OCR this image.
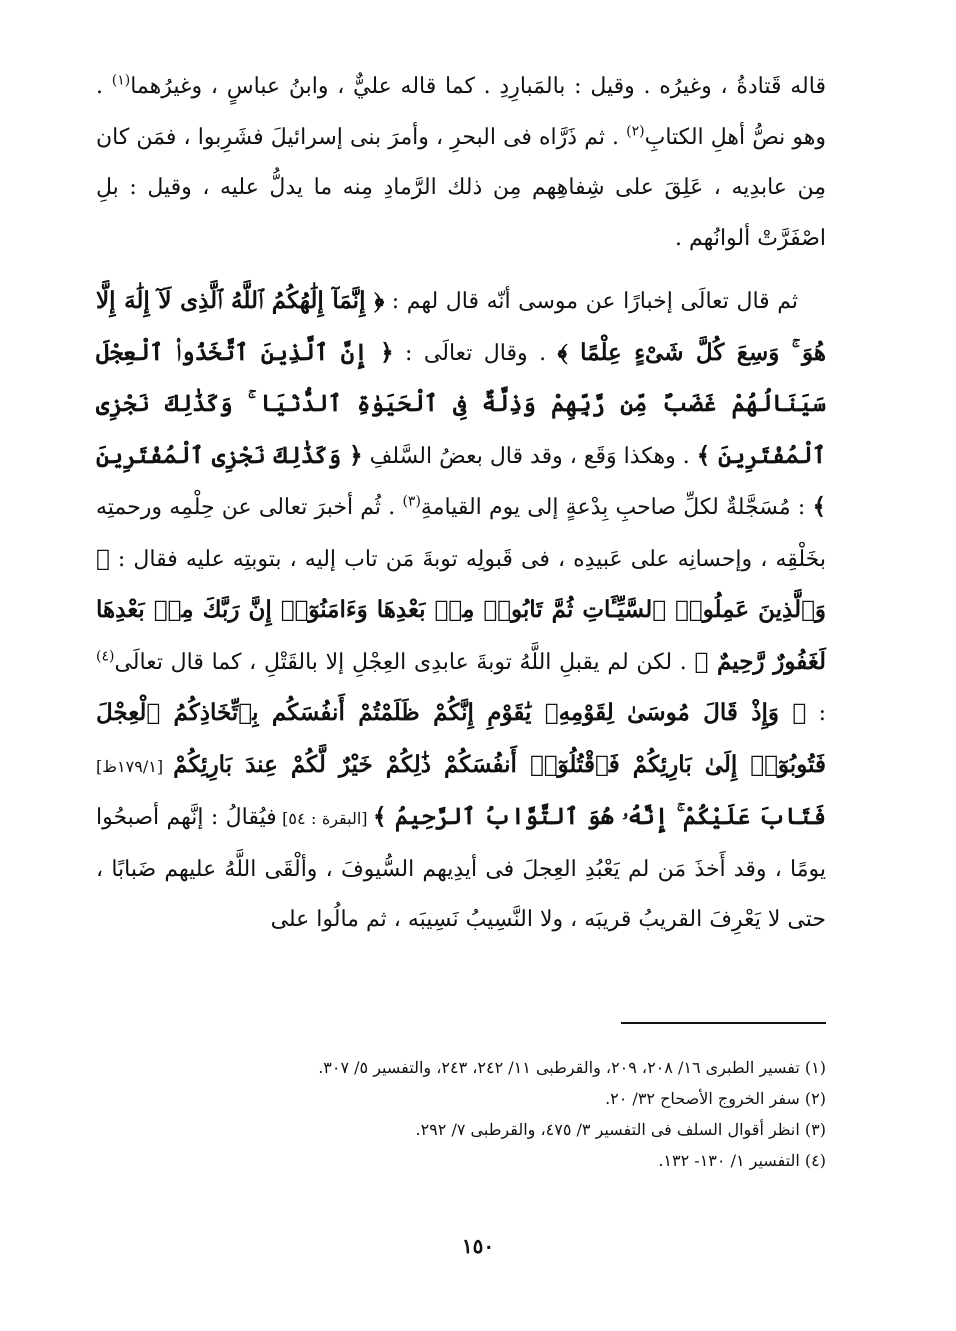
قاله قَتادةُ ، وغيرُه . وقيل : بالمَبارِدِ . كما قاله عليٌّ ، وابنُ عباسٍ ، وغيرُهما$^{(١)}$ . وهو نصُّ أهلِ الكتابِ$^{(٢)}$ . ثم ذَرَّاه فى البحرِ ، وأمرَ بنى إسرائيلَ فشَرِبوا ، فمَن كان مِن عابدِيه ، عَلِقَ على شِفاهِهم مِن ذلك الرَّمادِ مِنه ما يدلُّ عليه ، وقيل : بلِ اصْفَرَّتْ ألوانُهم .

ثم قال تعالَى إخبارًا عن موسى أنّه قال لهم : ﴿ إِنَّمَآ إِلَٰهُكُمُ ٱللَّهُ ٱلَّذِى لَآ إِلَٰهَ إِلَّا هُوَ ۚ وَسِعَ كُلَّ شَىْءٍ عِلْمًا ﴾ . وقال تعالَى : ﴿ إِنَّ ٱلَّذِينَ ٱتَّخَذُوا۟ ٱلْعِجْلَ سَيَنَالُهُمْ غَضَبٌ مِّن رَّبِّهِمْ وَذِلَّةٌ فِى ٱلْحَيَوٰةِ ٱلدُّنْيَا ۚ وَكَذَٰلِكَ نَجْزِى ٱلْمُفْتَرِينَ ﴾ . وهكذا وَقَع ، وقد قال بعضُ السَّلفِ ﴿ وَكَذَٰلِكَ نَجْزِى ٱلْمُفْتَرِينَ ﴾ : مُسَجَّلةٌ لكلِّ صاحبِ بِدْعةٍ إلى يوم القيامةِ$^{(٣)}$ . ثُم أخبرَ تعالى عن حِلْمِه ورحمتِه بخَلْقِه ، وإحسانِه على عَبيدِه ، فى قَبولِه توبةَ مَن تاب إليه ، بتوبتِه عليه فقال : ﴿ وَٱلَّذِينَ عَمِلُوا۟ ٱلسَّيِّـَٔاتِ ثُمَّ تَابُوا۟ مِنۢ بَعْدِهَا وَءَامَنُوٓا۟ إِنَّ رَبَّكَ مِنۢ بَعْدِهَا لَغَفُورٌ رَّحِيمٌ ﴾ . لكن لم يقبلِ اللَّهُ توبةَ عابدِى العِجْلِ إلا بالقَتْلِ ، كما قال تعالَى$^{(٤)}$ : ﴿ وَإِذْ قَالَ مُوسَىٰ لِقَوْمِهِۦ يَٰقَوْمِ إِنَّكُمْ ظَلَمْتُمْ أَنفُسَكُم بِٱتِّخَاذِكُمُ ٱلْعِجْلَ فَتُوبُوٓا۟ إِلَىٰ بَارِئِكُمْ فَٱقْتُلُوٓا۟ أَنفُسَكُمْ ذَٰلِكُمْ خَيْرٌ لَّكُمْ عِندَ بَارِئِكُمْ [١٧٩/١ظ] فَتَابَ عَلَيْكُمْ ۚ إِنَّهُۥ هُوَ ٱلتَّوَّابُ ٱلرَّحِيمُ ﴾ [البقرة : ٥٤] فيُقالُ : إنَّهم أصبحُوا يومًا ، وقد أَخذَ مَن لم يَعْبُدِ العِجلَ فى أيدِيهم السُّيوفَ ، وألْقَى اللَّهُ عليهم ضَبابًا ، حتى لا يَعْرِفَ القريبُ قريبَه ، ولا النَّسِيبُ نَسِيبَه ، ثم مالُوا على

(١) تفسير الطبرى ١٦/ ٢٠٨، ٢٠٩، والقرطبى ١١/ ٢٤٢، ٢٤٣، والتفسير ٥/ ٣٠٧.
(٢) سفر الخروج الأصحاح ٣٢/ ٢٠.
(٣) انظر أقوال السلف فى التفسير ٣/ ٤٧٥، والقرطبى ٧/ ٢٩٢.
(٤) التفسير ١/ ١٣٠- ١٣٢.
١٥٠
